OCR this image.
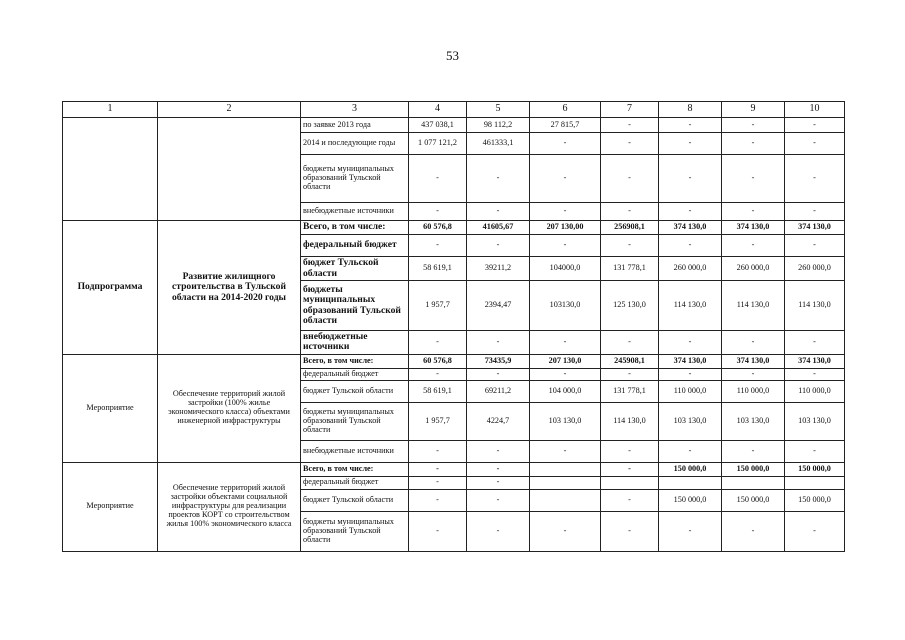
53
1	2	3	4	5	6	7	8	9	10
		по заявке 2013 года	437 038,1	98 112,2	27 815,7	-	-	-	-
		2014 и последующие годы	1 077 121,2	461333,1	-	-	-	-	-
		бюджеты муниципальных образований Тульской области	-	-	-	-	-	-	-
		внебюджетные источники	-	-	-	-	-	-	-
Подпрограмма	Развитие жилищного строительства в Тульской области на 2014-2020 годы	Всего, в том числе:	60 576,8	41605,67	207 130,00	256908,1	374 130,0	374 130,0	374 130,0
		федеральный бюджет	-	-	-	-	-	-	-
		бюджет Тульской области	58 619,1	39211,2	104000,0	131 778,1	260 000,0	260 000,0	260 000,0
		бюджеты муниципальных образований Тульской области	1 957,7	2394,47	103130,0	125 130,0	114 130,0	114 130,0	114 130,0
		внебюджетные источники	-	-	-	-	-	-	-
Мероприятие	Обеспечение территорий жилой застройки (100% жилье экономического класса) объектами инженерной инфраструктуры	Всего, в том числе:	60 576,8	73435,9	207 130,0	245908,1	374 130,0	374 130,0	374 130,0
		федеральный бюджет	-	-	-	-	-	-	-
		бюджет Тульской области	58 619,1	69211,2	104 000,0	131 778,1	110 000,0	110 000,0	110 000,0
		бюджеты муниципальных образований Тульской области	1 957,7	4224,7	103 130,0	114 130,0	103 130,0	103 130,0	103 130,0
		внебюджетные источники	-	-	-	-	-	-	-
Мероприятие	Обеспечение территорий жилой застройки объектами социальной инфраструктуры для реализации проектов КОРТ со строительством жилья 100% экономического класса	Всего, в том числе:	-	-		-	150 000,0	150 000,0	150 000,0
		федеральный бюджет	-	-					
		бюджет Тульской области	-	-		-	150 000,0	150 000,0	150 000,0
		бюджеты муниципальных образований Тульской области	-	-	-	-	-	-	-
